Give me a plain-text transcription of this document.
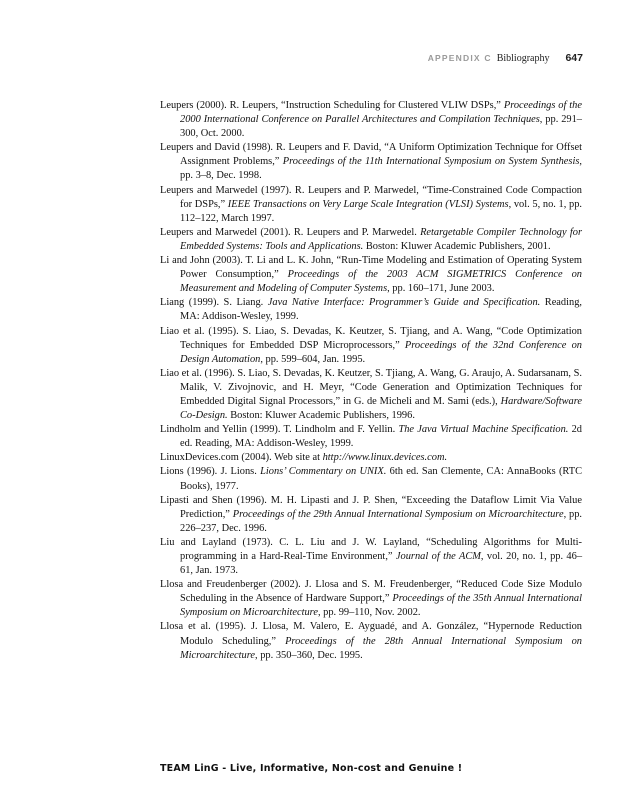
APPENDIX C Bibliography 647

Leupers (2000). R. Leupers, “Instruction Scheduling for Clustered VLIW DSPs,” Proceedings of the 2000 International Conference on Parallel Architectures and Compilation Techniques, pp. 291–300, Oct. 2000.

Leupers and David (1998). R. Leupers and F. David, “A Uniform Optimization Technique for Offset Assignment Problems,” Proceedings of the 11th International Symposium on System Synthesis, pp. 3–8, Dec. 1998.

Leupers and Marwedel (1997). R. Leupers and P. Marwedel, “Time-Constrained Code Compaction for DSPs,” IEEE Transactions on Very Large Scale Integration (VLSI) Systems, vol. 5, no. 1, pp. 112–122, March 1997.

Leupers and Marwedel (2001). R. Leupers and P. Marwedel. Retargetable Compiler Technology for Embedded Systems: Tools and Applications. Boston: Kluwer Academic Publishers, 2001.

Li and John (2003). T. Li and L. K. John, “Run-Time Modeling and Estimation of Operating System Power Consumption,” Proceedings of the 2003 ACM SIGMETRICS Conference on Measurement and Modeling of Computer Systems, pp. 160–171, June 2003.

Liang (1999). S. Liang. Java Native Interface: Programmer’s Guide and Specification. Reading, MA: Addison-Wesley, 1999.

Liao et al. (1995). S. Liao, S. Devadas, K. Keutzer, S. Tjiang, and A. Wang, “Code Optimization Techniques for Embedded DSP Microprocessors,” Proceedings of the 32nd Conference on Design Automation, pp. 599–604, Jan. 1995.

Liao et al. (1996). S. Liao, S. Devadas, K. Keutzer, S. Tjiang, A. Wang, G. Araujo, A. Sudarsanam, S. Malik, V. Zivojnovic, and H. Meyr, “Code Generation and Optimization Techniques for Embedded Digital Signal Processors,” in G. de Micheli and M. Sami (eds.), Hardware/Software Co-Design. Boston: Kluwer Academic Publishers, 1996.

Lindholm and Yellin (1999). T. Lindholm and F. Yellin. The Java Virtual Machine Specification. 2d ed. Reading, MA: Addison-Wesley, 1999.

LinuxDevices.com (2004). Web site at http://www.linux.devices.com.

Lions (1996). J. Lions. Lions’ Commentary on UNIX. 6th ed. San Clemente, CA: AnnaBooks (RTC Books), 1977.

Lipasti and Shen (1996). M. H. Lipasti and J. P. Shen, “Exceeding the Dataflow Limit Via Value Prediction,” Proceedings of the 29th Annual International Symposium on Microarchitecture, pp. 226–237, Dec. 1996.

Liu and Layland (1973). C. L. Liu and J. W. Layland, “Scheduling Algorithms for Multi-programming in a Hard-Real-Time Environment,” Journal of the ACM, vol. 20, no. 1, pp. 46–61, Jan. 1973.

Llosa and Freudenberger (2002). J. Llosa and S. M. Freudenberger, “Reduced Code Size Modulo Scheduling in the Absence of Hardware Support,” Proceedings of the 35th Annual International Symposium on Microarchitecture, pp. 99–110, Nov. 2002.

Llosa et al. (1995). J. Llosa, M. Valero, E. Ayguadé, and A. González, “Hypernode Reduction Modulo Scheduling,” Proceedings of the 28th Annual International Symposium on Microarchitecture, pp. 350–360, Dec. 1995.

TEAM LinG - Live, Informative, Non-cost and Genuine !
